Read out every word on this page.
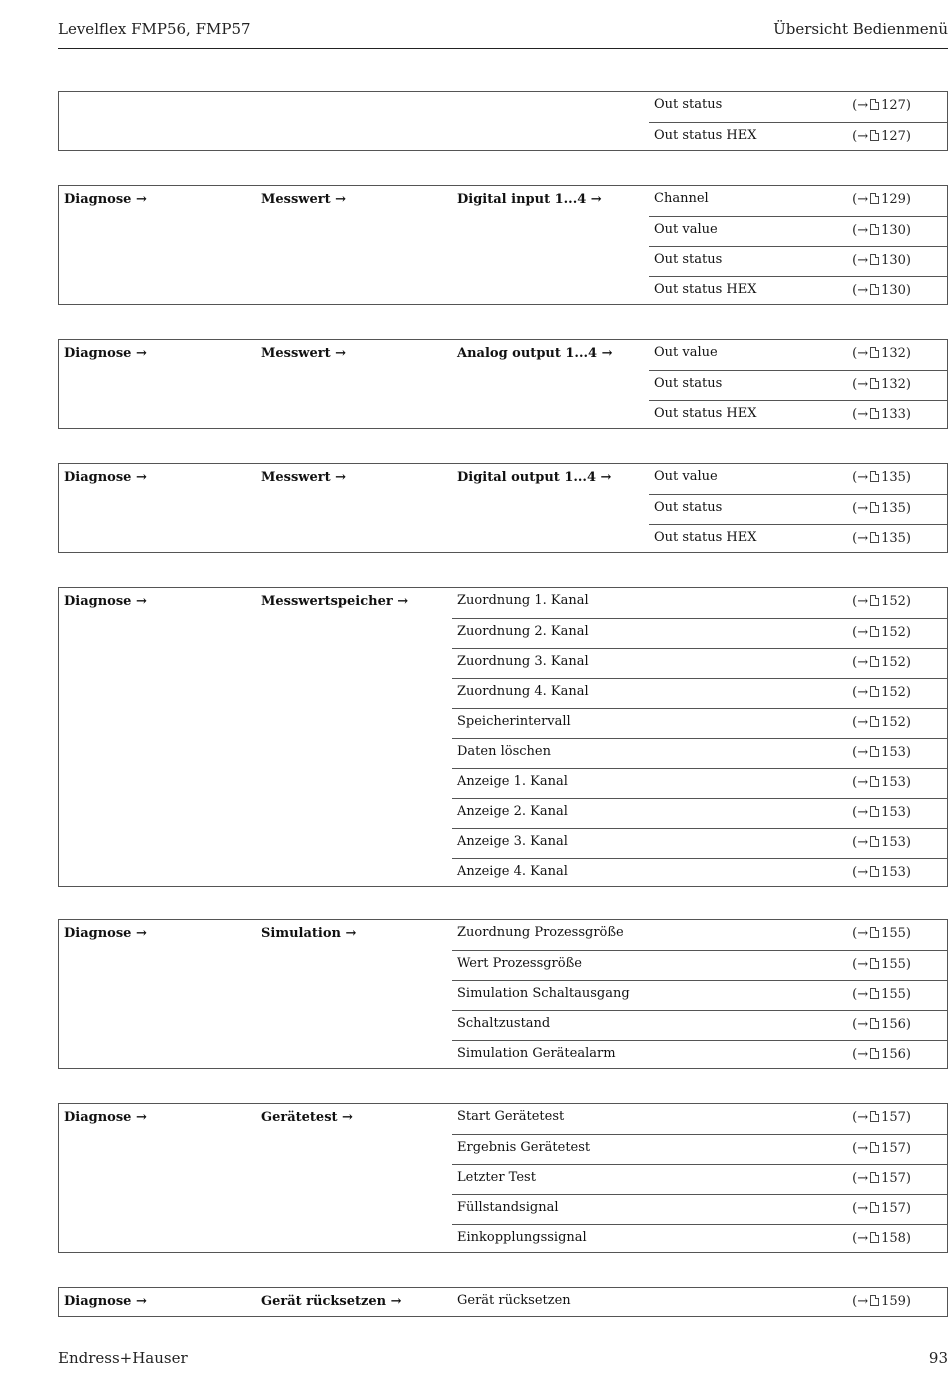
Levelflex FMP56, FMP57	Übersicht Bedienmenü
Out status	(→ 127)
Out status HEX	(→ 127)
Diagnose →	Messwert →	Digital input 1...4 →	Channel	(→ 129)
Out value	(→ 130)
Out status	(→ 130)
Out status HEX	(→ 130)
Diagnose →	Messwert →	Analog output 1...4 →	Out value	(→ 132)
Out status	(→ 132)
Out status HEX	(→ 133)
Diagnose →	Messwert →	Digital output 1...4 →	Out value	(→ 135)
Out status	(→ 135)
Out status HEX	(→ 135)
Diagnose →	Messwertspeicher →	Zuordnung 1. Kanal	(→ 152)
Zuordnung 2. Kanal	(→ 152)
Zuordnung 3. Kanal	(→ 152)
Zuordnung 4. Kanal	(→ 152)
Speicherintervall	(→ 152)
Daten löschen	(→ 153)
Anzeige 1. Kanal	(→ 153)
Anzeige 2. Kanal	(→ 153)
Anzeige 3. Kanal	(→ 153)
Anzeige 4. Kanal	(→ 153)
Diagnose →	Simulation →	Zuordnung Prozessgröße	(→ 155)
Wert Prozessgröße	(→ 155)
Simulation Schaltausgang	(→ 155)
Schaltzustand	(→ 156)
Simulation Gerätealarm	(→ 156)
Diagnose →	Gerätetest →	Start Gerätetest	(→ 157)
Ergebnis Gerätetest	(→ 157)
Letzter Test	(→ 157)
Füllstandsignal	(→ 157)
Einkopplungssignal	(→ 158)
Diagnose →	Gerät rücksetzen →	Gerät rücksetzen	(→ 159)
Endress+Hauser	93
